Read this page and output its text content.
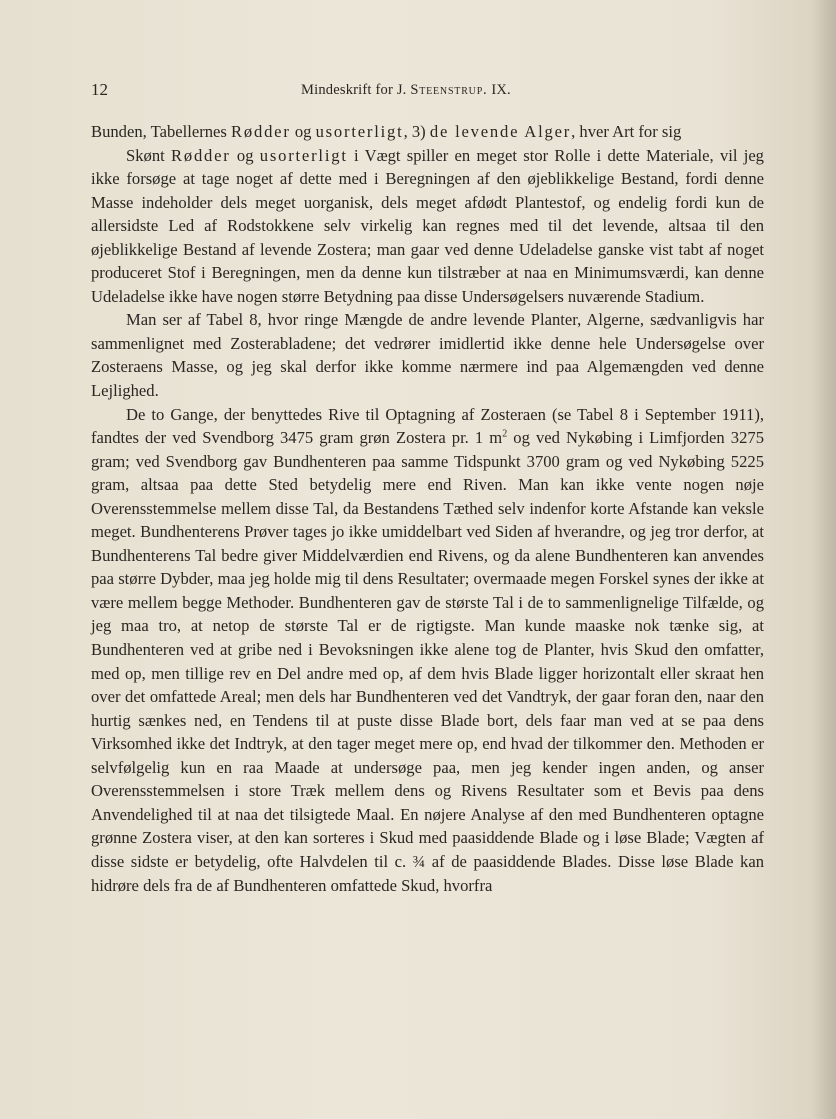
12	Mindeskrift for J. Steenstrup. IX.

Bunden, Tabellernes Rødder og usorterligt, 3) de levende Alger, hver Art for sig

Skønt Rødder og usorterligt i Vægt spiller en meget stor Rolle i dette Materiale, vil jeg ikke forsøge at tage noget af dette med i Beregningen af den øjeblikkelige Bestand, fordi denne Masse indeholder dels meget uorganisk, dels meget afdødt Plantestof, og endelig fordi kun de allersidste Led af Rodstokkene selv virkelig kan regnes med til det levende, altsaa til den øjeblikkelige Bestand af levende Zostera; man gaar ved denne Udeladelse ganske vist tabt af noget produceret Stof i Beregningen, men da denne kun tilstræber at naa en Minimumsværdi, kan denne Udeladelse ikke have nogen større Betydning paa disse Undersøgelsers nuværende Stadium.

Man ser af Tabel 8, hvor ringe Mængde de andre levende Planter, Algerne, sædvanligvis har sammenlignet med Zosterabladene; det vedrører imidlertid ikke denne hele Undersøgelse over Zosteraens Masse, og jeg skal derfor ikke komme nærmere ind paa Algemængden ved denne Lejlighed.

De to Gange, der benyttedes Rive til Optagning af Zosteraen (se Tabel 8 i September 1911), fandtes der ved Svendborg 3475 gram grøn Zostera pr. 1 $m^2$ og ved Nykøbing i Limfjorden 3275 gram; ved Svendborg gav Bundhenteren paa samme Tidspunkt 3700 gram og ved Nykøbing 5225 gram, altsaa paa dette Sted betydelig mere end Riven. Man kan ikke vente nogen nøje Overensstemmelse mellem disse Tal, da Bestandens Tæthed selv indenfor korte Afstande kan veksle meget. Bundhenterens Prøver tages jo ikke umiddelbart ved Siden af hverandre, og jeg tror derfor, at Bundhenterens Tal bedre giver Middelværdien end Rivens, og da alene Bundhenteren kan anvendes paa større Dybder, maa jeg holde mig til dens Resultater; overmaade megen Forskel synes der ikke at være mellem begge Methoder. Bundhenteren gav de største Tal i de to sammenlignelige Tilfælde, og jeg maa tro, at netop de største Tal er de rigtigste. Man kunde maaske nok tænke sig, at Bundhenteren ved at gribe ned i Bevoksningen ikke alene tog de Planter, hvis Skud den omfatter, med op, men tillige rev en Del andre med op, af dem hvis Blade ligger horizontalt eller skraat hen over det omfattede Areal; men dels har Bundhenteren ved det Vandtryk, der gaar foran den, naar den hurtig sænkes ned, en Tendens til at puste disse Blade bort, dels faar man ved at se paa dens Virksomhed ikke det Indtryk, at den tager meget mere op, end hvad der tilkommer den. Methoden er selvfølgelig kun en raa Maade at undersøge paa, men jeg kender ingen anden, og anser Overensstemmelsen i store Træk mellem dens og Rivens Resultater som et Bevis paa dens Anvendelighed til at naa det tilsigtede Maal. En nøjere Analyse af den med Bundhenteren optagne grønne Zostera viser, at den kan sorteres i Skud med paasiddende Blade og i løse Blade; Vægten af disse sidste er betydelig, ofte Halvdelen til c. ¾ af de paasiddende Blades. Disse løse Blade kan hidrøre dels fra de af Bundhenteren omfattede Skud, hvorfra
